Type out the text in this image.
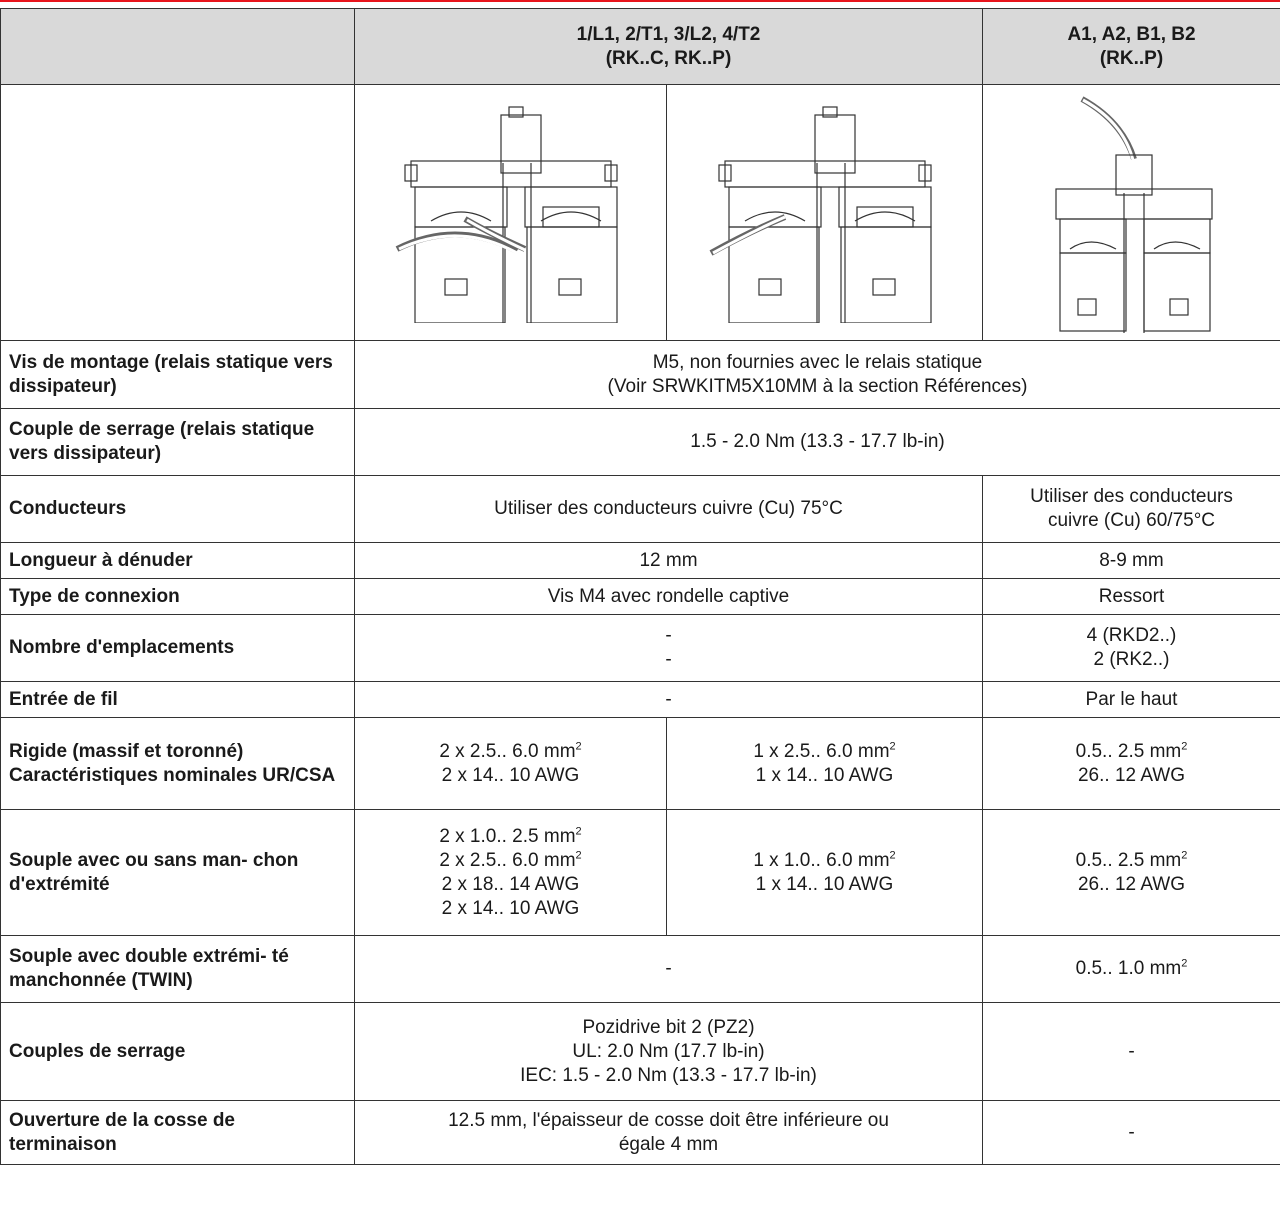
	1/L1, 2/T1, 3/L2, 4/T2
(RK..C, RK..P)		A1, A2, B1, B2
(RK..P)

Vis de montage (relais statique vers dissipateur)	M5, non fournies avec le relais statique
(Voir SRWKITM5X10MM à la section Références)		

Couple de serrage (relais statique vers dissipateur)	1.5 - 2.0 Nm (13.3 - 17.7 lb-in)		
Conducteurs	Utiliser des conducteurs cuivre (Cu) 75°C		Utiliser des conducteurs
cuivre (Cu) 60/75°C

Longueur à dénuder	12 mm		8-9 mm
Type de connexion	Vis M4 avec rondelle captive		Ressort
Nombre d'emplacements	-
-		4 (RKD2..)
2 (RK2..)

Entrée de fil	-		Par le haut
Rigide (massif et toronné) Caractéristiques nominales UR/CSA	2 x 2.5.. 6.0 $mm^2$
2 x 14.. 10 AWG	1 x 2.5.. 6.0 $mm^2$
1 x 14.. 10 AWG	0.5.. 2.5 $mm^2$
26.. 12 AWG

Souple avec ou sans man- chon d'extrémité	2 x 1.0.. 2.5 $mm^2$
2 x 2.5.. 6.0 $mm^2$
2 x 18.. 14 AWG
2 x 14.. 10 AWG	1 x 1.0.. 6.0 $mm^2$
1 x 14.. 10 AWG	0.5.. 2.5 $mm^2$
26.. 12 AWG

Souple avec double extrémi- té manchonnée (TWIN)	-		0.5.. 1.0 $mm^2$
Couples de serrage	Pozidrive bit 2 (PZ2)
UL: 2.0 Nm (17.7 lb-in)
IEC: 1.5 - 2.0 Nm (13.3 - 17.7 lb-in)		-
Ouverture de la cosse de terminaison	12.5 mm, l'épaisseur de cosse doit être inférieure ou
égale 4 mm		-
